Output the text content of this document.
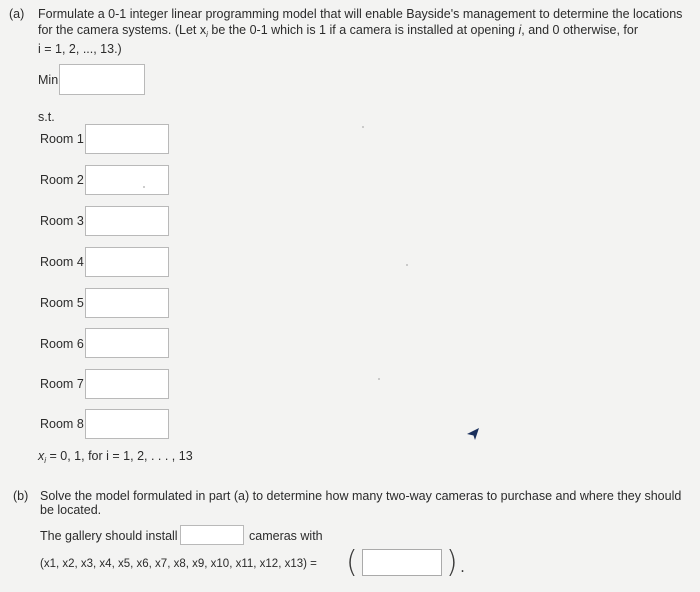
(a) Formulate a 0-1 integer linear programming model that will enable Bayside's management to determine the locations
for the camera systems. (Let $x_i$ be the 0-1 which is 1 if a camera is installed at opening i, and 0 otherwise, for
i = 1, 2, ..., 13.)
Min
s.t.
Room 1
Room 2
Room 3
Room 4
Room 5
Room 6
Room 7
Room 8
$x_i = 0$, 1, for i = 1, 2, . . . , 13
(b) Solve the model formulated in part (a) to determine how many two-way cameras to purchase and where they should
be located.
The gallery should install	cameras with
(x1, x2, x3, x4, x5, x6, x7, x8, x9, x10, x11, x12, x13) = (	).
